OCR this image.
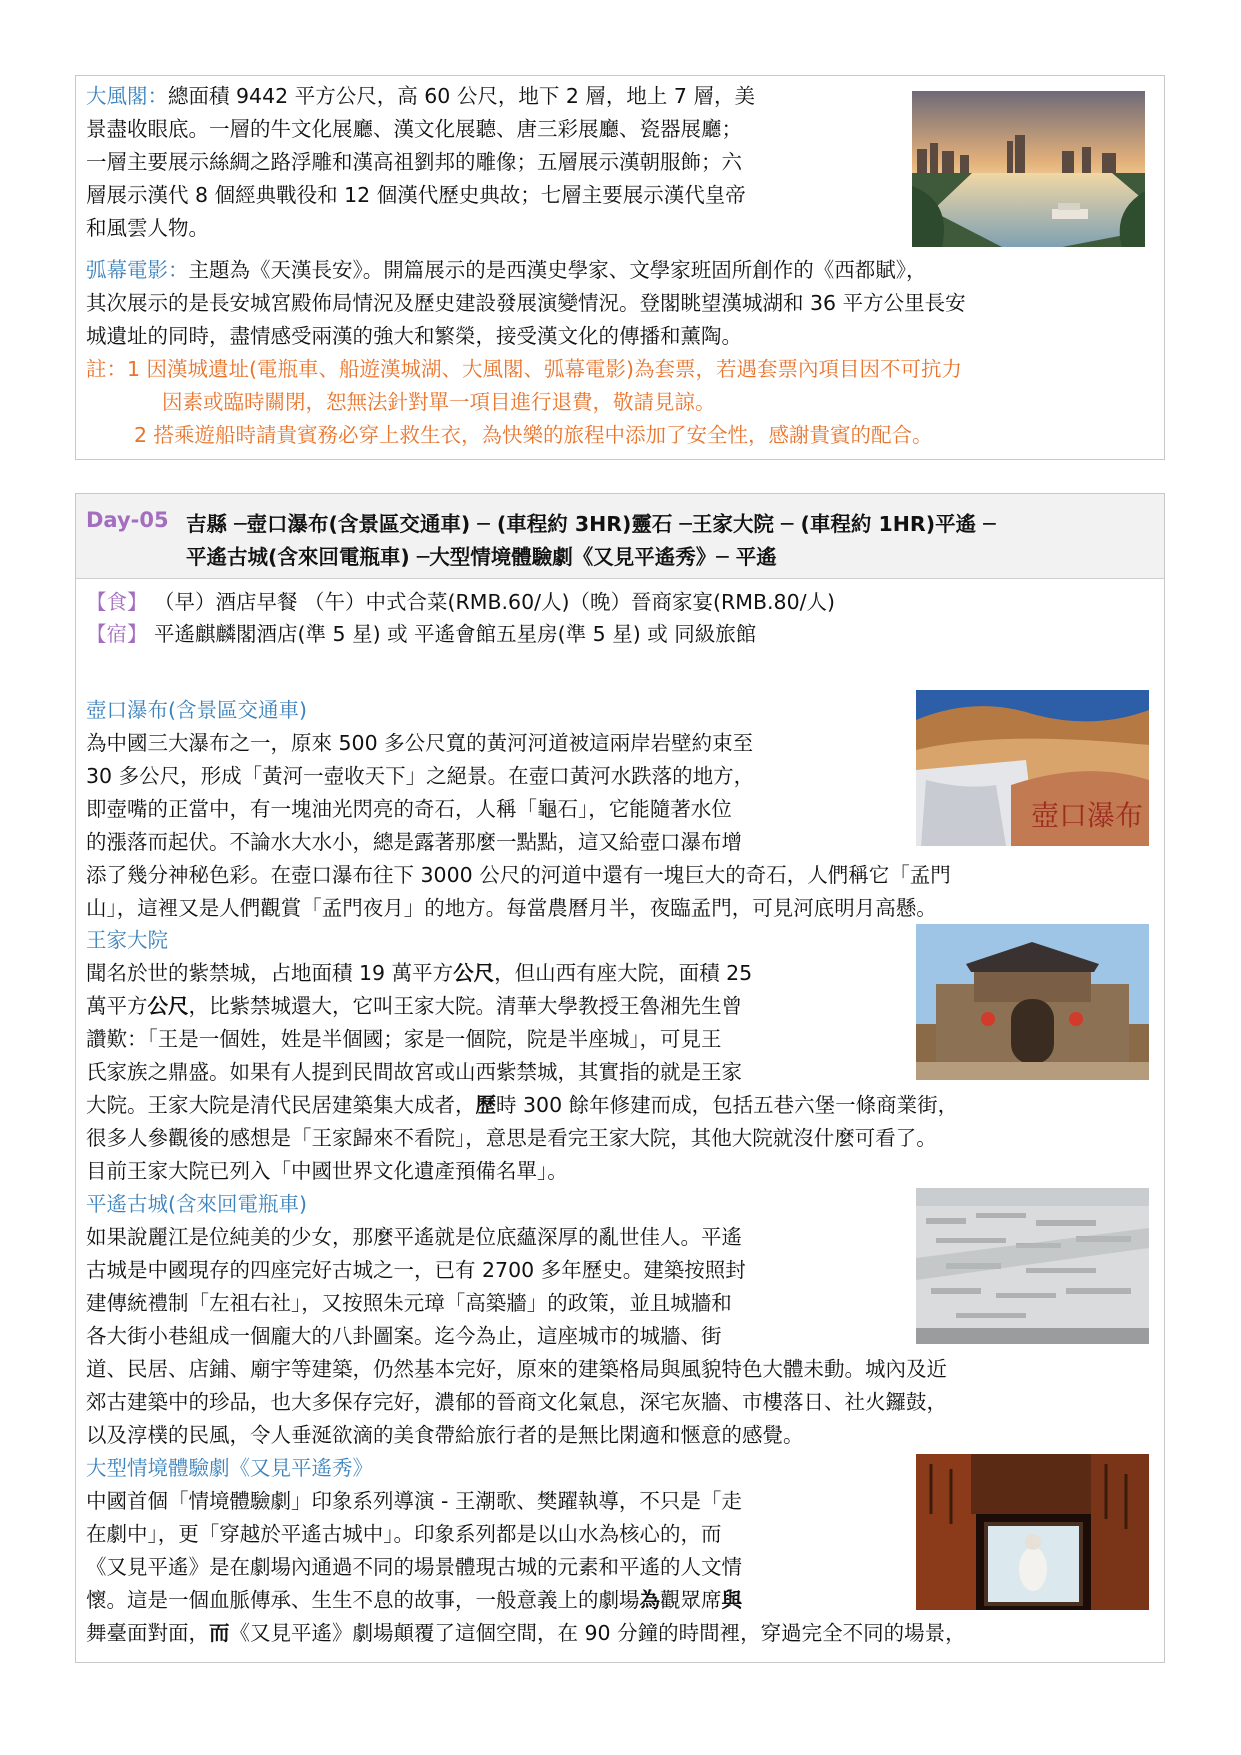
大風閣：總面積 9442 平方公尺，高 60 公尺，地下 2 層，地上 7 層，美
景盡收眼底。一層的牛文化展廳、漢文化展聽、唐三彩展廳、瓷器展廳；
一層主要展示絲綢之路浮雕和漢高祖劉邦的雕像；五層展示漢朝服飾；六
層展示漢代 8 個經典戰役和 12 個漢代歷史典故；七層主要展示漢代皇帝
和風雲人物。
弧幕電影：主題為《天漢長安》。開篇展示的是西漢史學家、文學家班固所創作的《西都賦》，
其次展示的是長安城宮殿佈局情況及歷史建設發展演變情況。登閣眺望漢城湖和 36 平方公里長安
城遺址的同時，盡情感受兩漢的強大和繁榮，接受漢文化的傳播和薰陶。
註：1 因漢城遺址(電瓶車、船遊漢城湖、大風閣、弧幕電影)為套票，若遇套票內項目因不可抗力
因素或臨時關閉，恕無法針對單一項目進行退費，敬請見諒。
2 搭乘遊船時請貴賓務必穿上救生衣，為快樂的旅程中添加了安全性，感謝貴賓的配合。
Day-05 吉縣 ─壺口瀑布(含景區交通車) ─ (車程約 3HR)靈石 ─王家大院 ─ (車程約 1HR)平遙 ─
平遙古城(含來回電瓶車) ─大型情境體驗劇《又見平遙秀》─ 平遙
【食】 （早）酒店早餐 （午）中式合菜(RMB.60/人)（晚）晉商家宴(RMB.80/人)
【宿】 平遙麒麟閣酒店(準 5 星) 或 平遙會館五星房(準 5 星) 或 同級旅館
壺口瀑布(含景區交通車)
為中國三大瀑布之一，原來 500 多公尺寬的黃河河道被這兩岸岩壁約束至
30 多公尺，形成「黃河一壺收天下」之絕景。在壺口黃河水跌落的地方，
即壺嘴的正當中，有一塊油光閃亮的奇石，人稱「龜石」，它能隨著水位
的漲落而起伏。不論水大水小，總是露著那麼一點點，這又給壺口瀑布增
添了幾分神秘色彩。在壺口瀑布往下 3000 公尺的河道中還有一塊巨大的奇石，人們稱它「孟門
山」，這裡又是人們觀賞「孟門夜月」的地方。每當農曆月半，夜臨孟門，可見河底明月高懸。
壺口瀑布
王家大院
聞名於世的紫禁城，占地面積 19 萬平方公尺，但山西有座大院，面積 25
萬平方公尺，比紫禁城還大，它叫王家大院。清華大學教授王魯湘先生曾
讚歎：「王是一個姓，姓是半個國；家是一個院，院是半座城」，可見王
氏家族之鼎盛。如果有人提到民間故宮或山西紫禁城，其實指的就是王家
大院。王家大院是清代民居建築集大成者，歷時 300 餘年修建而成，包括五巷六堡一條商業街，
很多人參觀後的感想是「王家歸來不看院」，意思是看完王家大院，其他大院就沒什麼可看了。
目前王家大院已列入「中國世界文化遺產預備名單」。
平遙古城(含來回電瓶車)
如果說麗江是位純美的少女，那麼平遙就是位底蘊深厚的亂世佳人。平遙
古城是中國現存的四座完好古城之一，已有 2700 多年歷史。建築按照封
建傳統禮制「左祖右社」，又按照朱元璋「高築牆」的政策，並且城牆和
各大街小巷組成一個龐大的八卦圖案。迄今為止，這座城市的城牆、街
道、民居、店鋪、廟宇等建築，仍然基本完好，原來的建築格局與風貌特色大體未動。城內及近
郊古建築中的珍品，也大多保存完好，濃郁的晉商文化氣息，深宅灰牆、市樓落日、社火鑼鼓，
以及淳樸的民風，令人垂涎欲滴的美食帶給旅行者的是無比閑適和愜意的感覺。
大型情境體驗劇《又見平遙秀》
中國首個「情境體驗劇」印象系列導演 - 王潮歌、樊躍執導，不只是「走
在劇中」，更「穿越於平遙古城中」。印象系列都是以山水為核心的，而
《又見平遙》是在劇場內通過不同的場景體現古城的元素和平遙的人文情
懷。這是一個血脈傳承、生生不息的故事，一般意義上的劇場為觀眾席與
舞臺面對面，而《又見平遙》劇場顛覆了這個空間，在 90 分鐘的時間裡，穿過完全不同的場景，
